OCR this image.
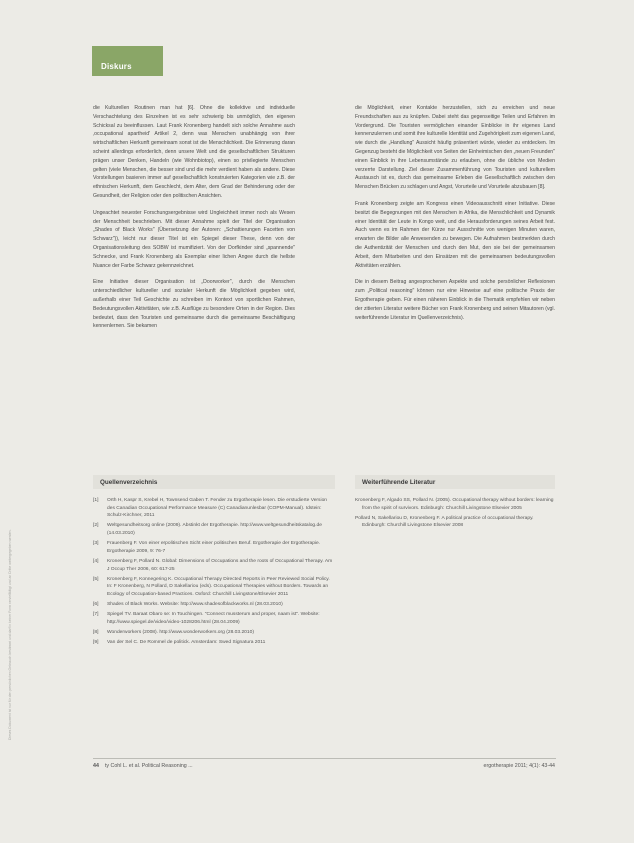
Dieses Dokument ist nur für den persönlichen Gebrauch bestimmt und darf in keiner Form vervielfältigt und an Dritte weitergegeben werden.
Diskurs

die Kulturellen Routinen man hat [6]. Ohne die kollektive und individuelle Verschachtelung des Einzelnen ist es sehr schwierig bis unmöglich, den eigenen Schicksal zu beeinflussen. Laut Frank Kronenberg handelt sich solche Annahme auch ‚occupational apartheid' Artikel 2, denn was Menschen unabhängig von ihrer wirtschaftlichen Herkunft gemeinsam sonst ist die Menschlichkeit. Die Erinnerung daran scheint allerdings erforderlich, denn unsere Welt und die gesellschaftlichen Strukturen prägen unser Denken, Handeln (wie Wohnbiotop), einen so privilegierte Menschen gelten (viele Menschen, die besser sind und die mehr verdient haben als andere. Diese Vorstellungen basieren immer auf gesellschaftlich konstruierten Kategorien wie z.B. der ethnischen Herkunft, dem Geschlecht, dem Alter, dem Grad der Behinderung oder der Gesundheit, der Religion oder den politischen Ansichten.

Ungeachtet neuester Forschungsergebnisse wird Ungleichheit immer noch als Wesen der Menschheit beschrieben. Mit dieser Annahme spielt der Titel der Organisation „Shades of Black Works" (Übersetzung der Autoren: „Schattierungen Facetten von Schwarz")), leicht nur dieser Titel ist ein Spiegel dieser These, denn von der Organisationsleitung des SOBW ist mumifiziert. Von der Dorfkinder sind „spannende" Schnecke, und Frank Kronenberg als Exemplar einer lichen Angee durch die hellste Nuance der Farbe Schwarz gekennzeichnet.

Eine Initiative dieser Organisation ist „Doorworker", durch die Menschen unterschiedlicher kultureller und sozialer Herkunft die Möglichkeit gegeben wird, außerhalb einer Teil Geschichte zu schreiben im Kontext von sportlichen Rahmen, Bedeutungsvollen Aktivitäten, wie z.B. Ausflüge zu besondere Orten in der Region. Dies bedeutet, dass den Touristen und gemeinsame durch die gemeinsame Beschäftigung kennenlernen. Sie bekamen

die Möglichkeit, einer Kontakte herzustellen, sich zu erreichen und neue Freundschaften aus zu knüpfen. Dabei steht das gegenseitige Teilen und Erfahren im Vordergrund. Die Touristen vermöglichen einander Einblicke in ihr eigenes Land kennenzulernen und somit ihre kulturelle Identität und Zugehörigkeit zum eigenen Land, wie durch die „Handlung" Aussicht häufig präsentiert würde, wieder zu entdecken. Im Gegenzug besteht die Möglichkeit von Seiten der Einheimischen den „neuen Freunden" einen Einblick in ihre Lebensumstände zu erlauben, ohne die übliche von Medien verzerrte Darstellung. Ziel dieser Zusammenführung von Touristen und kulturellem Austausch ist es, durch das gemeinsame Erleben die Gesellschaftlich zwischen den Menschen Brücken zu schlagen und Angst, Vorurteile und Vorurteile abzubauen [8].

Frank Kronenberg zeigte am Kongress einen Videoausschnitt einer Initiative. Diese besitzt die Begegnungen mit den Menschen in Afrika, die Menschlichkeit und Dynamik einer Identität der Leute in Kongo weit, und die Herausforderungen seines Arbeit fest. Auch wenn es im Rahmen der Kürze nur Ausschnitte von wenigen Minuten waren, erwarten die Bilder alle Anwesenden zu bewegen. Die Aufnahmen bestmerkten durch die Authentizität der Menschen und durch den Mut, den sie bei der gemeinsamen Arbeit, dem Mitarbeiten und den Einsätzen mit die gemeinsamen bedeutungsvollen Aktivitäten erzählen.

Die in diesem Beitrag angesprochenen Aspekte und solche persönlicher Reflexionen zum „Political reasoning" können nur eine Hinweise auf eine politische Praxis der Ergotherapie geben. Für einen näheren Einblick in die Thematik empfehlen wir neben der zitierten Literatur weitere Bücher von Frank Kronenberg und seinen Mitautoren (vgl. weiterführende Literatur im Quellenverzeichnis).

Quellenverzeichnis	Weiterführende Literatur
[1]	Orth H, Kaspr S, Krebel H, Townsend Gaben T. Fender zu Ergotherapie lesen. Die erstudierte Version des Canadian Occupational Performance Measure (C) Canadianunlesbar (COPM-Manual). Idstein: Schulz-Kirchner, 2011
[2]	Weltgesundheitsorg online (2009). Abstinkt der Ergotherapie. http://www.weltgesundheitskatalog.de (14.03.2010)
[3]	Frauenberg F. Von einer erpolitischen Sicht einer politischen Beruf. Ergotherapie der Ergotherapie. Ergotherapie 2009, 9: 76-7
[4]	Kronenberg F, Pollard N. Global: Dimensions of Occupations and the roots of Occupational Therapy. Am J Occup Ther 2006, 60: 617-25
[5]	Kronenberg F, Konnegering K. Occupational Therapy Directed Reports in Peer Reviewed Social Policy. In: F Kronenberg, N Pollard, D Sakellariou (eds). Occupational Therapies without Borders. Towards an Ecology of Occupation-based Practices. Oxford: Churchill Livingstone/Elsevier 2011
[6]	Shades of Black Works. Website: http://www.shadesofblackworks.nl (28.03.2010)
[7]	Spiegel TV. Baraat Obaro se: In Touchingen. "Connect mussterum and proper, naam ist". Website: http://www.spiegel.de/video/video-1028206.html (28.04.2009)
[8]	Wonderworkers (2008). http://www.wonderworkers.org (28.03.2010)
[9]	Van der Sel C. De Rommel de politick. Amsterdam: Swed Signatura 2011

Kronenberg F, Algado SS, Pollard N. (2005). Occupational therapy without borders: learning from the spirit of survivors. Edinburgh: Churchill Livingstone Elsevier 2005

Pollard N, Sakellariou D, Kronenberg F. A political practice of occupational therapy. Edinburgh: Churchill Livingstone Elsevier 2008

44 ty Cohl L. et al. Political Reasoning ...	ergotherapie 2011; 4(1): 43-44
